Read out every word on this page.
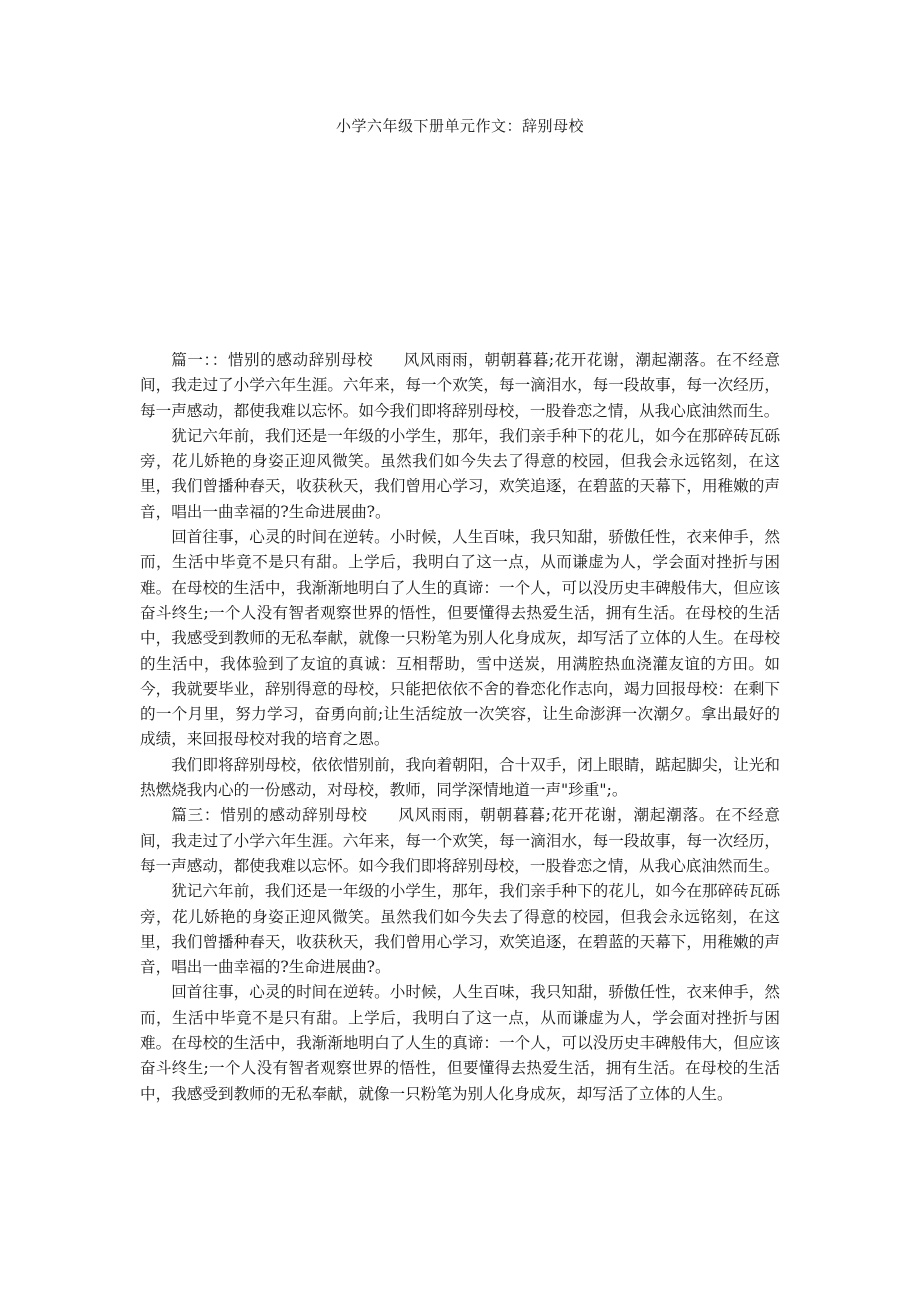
小学六年级下册单元作文：辞别母校

篇一：：惜别的感动辞别母校 风风雨雨，朝朝暮暮;花开花谢，潮起潮落。在不经意间，我走过了小学六年生涯。六年来，每一个欢笑，每一滴泪水，每一段故事，每一次经历，每一声感动，都使我难以忘怀。如今我们即将辞别母校，一股眷恋之情，从我心底油然而生。

犹记六年前，我们还是一年级的小学生，那年，我们亲手种下的花儿，如今在那碎砖瓦砾旁，花儿娇艳的身姿正迎风微笑。虽然我们如今失去了得意的校园，但我会永远铭刻，在这里，我们曾播种春天，收获秋天，我们曾用心学习，欢笑追逐，在碧蓝的天幕下，用稚嫩的声音，唱出一曲幸福的?生命进展曲?。

回首往事，心灵的时间在逆转。小时候，人生百味，我只知甜，骄傲任性，衣来伸手，然而，生活中毕竟不是只有甜。上学后，我明白了这一点，从而谦虚为人，学会面对挫折与困难。在母校的生活中，我渐渐地明白了人生的真谛：一个人，可以没历史丰碑般伟大，但应该奋斗终生;一个人没有智者观察世界的悟性，但要懂得去热爱生活，拥有生活。在母校的生活中，我感受到教师的无私奉献，就像一只粉笔为别人化身成灰，却写活了立体的人生。在母校的生活中，我体验到了友谊的真诚：互相帮助，雪中送炭，用满腔热血浇灌友谊的方田。如今，我就要毕业，辞别得意的母校，只能把依依不舍的眷恋化作志向，竭力回报母校：在剩下的一个月里，努力学习，奋勇向前;让生活绽放一次笑容，让生命澎湃一次潮夕。拿出最好的成绩，来回报母校对我的培育之恩。

我们即将辞别母校，依依惜别前，我向着朝阳，合十双手，闭上眼睛，踮起脚尖，让光和热燃烧我内心的一份感动，对母校，教师，同学深情地道一声"珍重";。

篇三：惜别的感动辞别母校 风风雨雨，朝朝暮暮;花开花谢，潮起潮落。在不经意间，我走过了小学六年生涯。六年来，每一个欢笑，每一滴泪水，每一段故事，每一次经历，每一声感动，都使我难以忘怀。如今我们即将辞别母校，一股眷恋之情，从我心底油然而生。

犹记六年前，我们还是一年级的小学生，那年，我们亲手种下的花儿，如今在那碎砖瓦砾旁，花儿娇艳的身姿正迎风微笑。虽然我们如今失去了得意的校园，但我会永远铭刻，在这里，我们曾播种春天，收获秋天，我们曾用心学习，欢笑追逐，在碧蓝的天幕下，用稚嫩的声音，唱出一曲幸福的?生命进展曲?。

回首往事，心灵的时间在逆转。小时候，人生百味，我只知甜，骄傲任性，衣来伸手，然而，生活中毕竟不是只有甜。上学后，我明白了这一点，从而谦虚为人，学会面对挫折与困难。在母校的生活中，我渐渐地明白了人生的真谛：一个人，可以没历史丰碑般伟大，但应该奋斗终生;一个人没有智者观察世界的悟性，但要懂得去热爱生活，拥有生活。在母校的生活中，我感受到教师的无私奉献，就像一只粉笔为别人化身成灰，却写活了立体的人生。
